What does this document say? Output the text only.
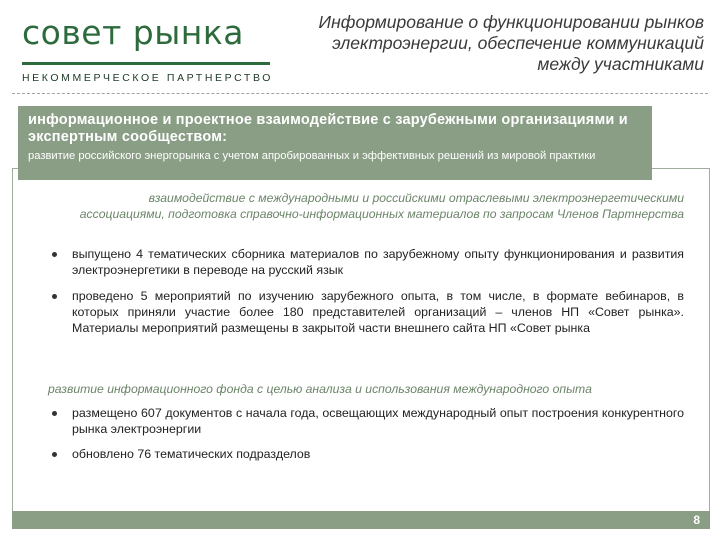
совет рынка
НЕКОММЕРЧЕСКОЕ ПАРТНЕРСТВО
Информирование о функционировании рынков электроэнергии, обеспечение коммуникаций между участниками
информационное и проектное взаимодействие с зарубежными организациями и экспертным сообществом:
развитие российского энергорынка с учетом апробированных и эффективных решений из мировой практики
взаимодействие с международными и российскими отраслевыми электроэнергетическими ассоциациями, подготовка справочно-информационных материалов по запросам Членов Партнерства
выпущено 4 тематических сборника материалов по зарубежному опыту функционирования и развития электроэнергетики в переводе на русский язык
проведено 5 мероприятий по изучению зарубежного опыта, в том числе, в формате вебинаров, в которых приняли участие более 180 представителей организаций – членов НП «Совет рынка». Материалы мероприятий размещены в закрытой части внешнего сайта НП «Совет рынка
развитие информационного фонда с целью анализа и использования международного опыта
размещено 607 документов с начала года, освещающих международный опыт построения конкурентного рынка электроэнергии
обновлено 76 тематических подразделов
8
